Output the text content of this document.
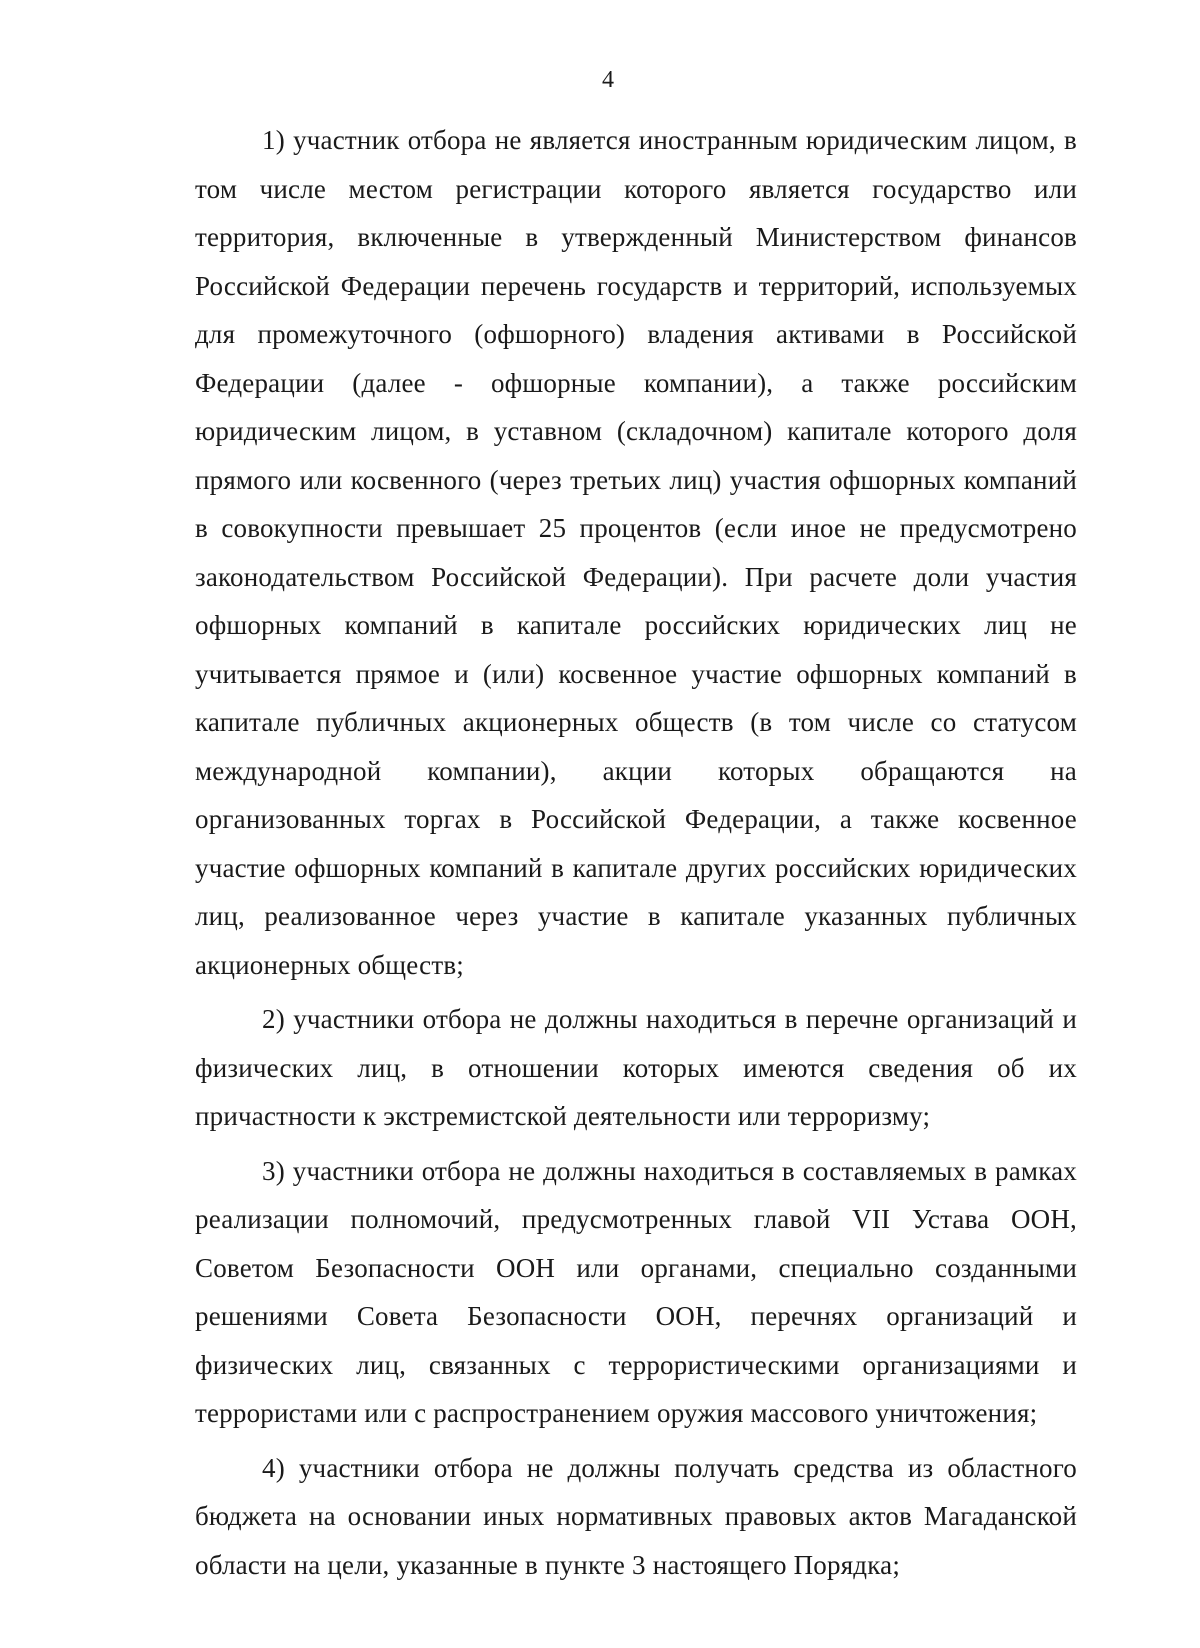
4

1) участник отбора не является иностранным юридическим лицом, в том числе местом регистрации которого является государство или территория, включенные в утвержденный Министерством финансов Российской Федерации перечень государств и территорий, используемых для промежуточного (офшорного) владения активами в Российской Федерации (далее - офшорные компании), а также российским юридическим лицом, в уставном (складочном) капитале которого доля прямого или косвенного (через третьих лиц) участия офшорных компаний в совокупности превышает 25 процентов (если иное не предусмотрено законодательством Российской Федерации). При расчете доли участия офшорных компаний в капитале российских юридических лиц не учитывается прямое и (или) косвенное участие офшорных компаний в капитале публичных акционерных обществ (в том числе со статусом международной компании), акции которых обращаются на организованных торгах в Российской Федерации, а также косвенное участие офшорных компаний в капитале других российских юридических лиц, реализованное через участие в капитале указанных публичных акционерных обществ;

2) участники отбора не должны находиться в перечне организаций и физических лиц, в отношении которых имеются сведения об их причастности к экстремистской деятельности или терроризму;

3) участники отбора не должны находиться в составляемых в рамках реализации полномочий, предусмотренных главой VII Устава ООН, Советом Безопасности ООН или органами, специально созданными решениями Совета Безопасности ООН, перечнях организаций и физических лиц, связанных с террористическими организациями и террористами или с распространением оружия массового уничтожения;

4) участники отбора не должны получать средства из областного бюджета на основании иных нормативных правовых актов Магаданской области на цели, указанные в пункте 3 настоящего Порядка;
